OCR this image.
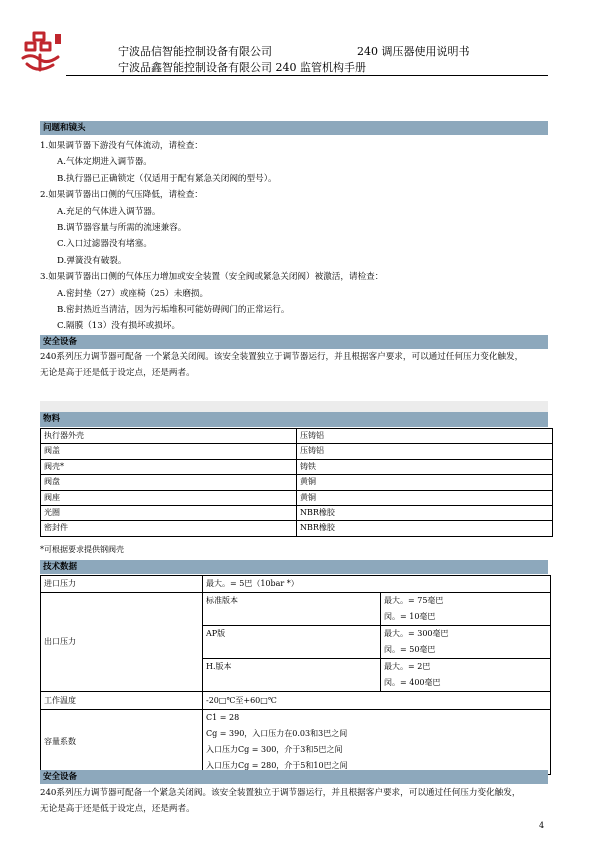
宁波品信智能控制设备有限公司	240 调压器使用说明书
宁波品鑫智能控制设备有限公司 240 监管机构手册
问题和镜头
1.如果调节器下游没有气体流动，请检查：
A.气体定期进入调节器。
B.执行器已正确锁定（仅适用于配有紧急关闭阀的型号）。
2.如果调节器出口侧的气压降低，请检查：
A.充足的气体进入调节器。
B.调节器容量与所需的流速兼容。
C.入口过滤器没有堵塞。
D.弹簧没有破裂。
3.如果调节器出口侧的气体压力增加或安全装置（安全阀或紧急关闭阀）被激活，请检查：
A.密封垫（27）或座椅（25）未磨损。
B.密封热近当清洁，因为污垢堆积可能妨碍阀门的正常运行。
C.隔膜（13）没有损坏或损坏。
安全设备
240系列压力调节器可配备 一个紧急关闭阀。该安全装置独立于调节器运行，并且根据客户要求，可以通过任何压力变化触发，
无论是高于还是低于设定点，还是两者。
物料
执行器外壳	压铸铝
阀盖	压铸铝
阀壳*	铸铁
阀盘	黄铜
阀座	黄铜
光圈	NBR橡胶
密封件	NBR橡胶
*可根据要求提供钢阀壳
技术数据
进口压力	最大。= 5巴（10bar *）	
出口压力	标准版本	最大。= 75毫巴
闵。= 10毫巴

	AP版	最大。= 300毫巴
闵。= 50毫巴

	H.版本	最大。= 2巴
闵。= 400毫巴

工作温度	-20□℃至+60□℃	
容量系数	C1 = 28
Cg = 390，入口压力在0.03和3巴之间
入口压力Cg = 300，介于3和5巴之间
入口压力Cg = 280，介于5和10巴之间	
安全设备
240系列压力调节器可配备一个紧急关闭阀。该安全装置独立于调节器运行，并且根据客户要求，可以通过任何压力变化触发，
无论是高于还是低于设定点，还是两者。
4
